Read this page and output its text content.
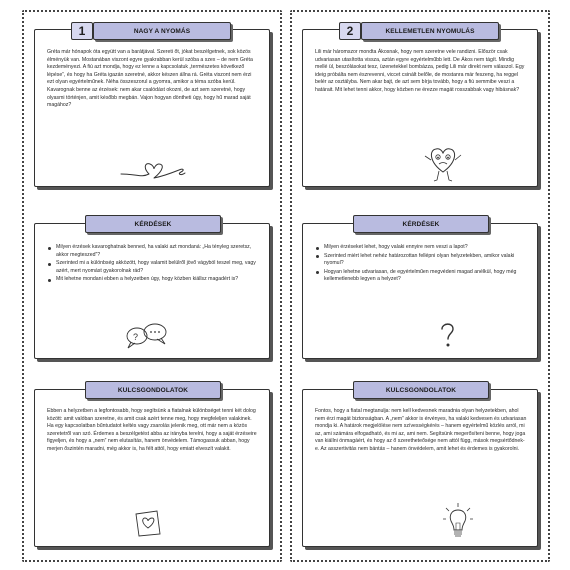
1	NAGY A NYOMÁS
Gréta már hónapok óta együtt van a barátjával. Szereti őt, jókat beszélgetnek, sok közös élményük van. Mostanában viszont egyre gyakrabban kerül szóba a szex – de nem Gréta kezdeményezi. A fiú azt mondja, hogy ez lenne a kapcsolatuk „természetes következő lépése”, és hogy ha Gréta igazán szeretné, akkor készen állna rá. Gréta viszont nem érzi ezt olyan egyértelműnek. Néha összeszorul a gyomra, amikor a téma szóba kerül. Kavarognak benne az érzések: nem akar csalódást okozni, de azt sem szeretné, hogy olyasmi történjen, amit később megbán. Vajon hogyan döntheti úgy, hogy hű marad saját magához?
KÉRDÉSEK
Milyen érzések kavaroghatnak benned, ha valaki azt mondaná: „Ha tényleg szeretsz, akkor megteszed”?
Szerinted mi a különbség akközött, hogy valamit belülről jövő vágyból teszel meg, vagy azért, mert nyomást gyakorolnak rád?
Mit lehetne mondani ebben a helyzetben úgy, hogy közben kiállsz magadért is?
?
KULCSGONDOLATOK
Ebben a helyzetben a legfontosabb, hogy segítsünk a fiatalnak különbséget tenni két dolog között: amit valóban szeretne, és amit csak azért tenne meg, hogy megfeleljen valakinek. Ha egy kapcsolatban bűntudatot keltés vagy zsarolás jelenik meg, ott már nem a közös szeretetről van szó. Érdemes a beszélgetést abba az irányba terelni, hogy a saját érzéseire figyeljen, és hogy a „nem” nem elutasítás, hanem önvédelem. Támogassuk abban, hogy merjen őszintén maradni, még akkor is, ha félt attól, hogy emiatt elveszít valakit.
2	KELLEMETLEN NYOMULÁS
Lili már háromszor mondta Ákosnak, hogy nem szeretne vele randizni. Először csak udvariasan utasította vissza, aztán egyre egyértelműbb lett. De Ákos nem tágít. Mindig mellé ül, beszólásokat tesz, üzenetekkel bombázza, pedig Lili már direkt nem válaszol. Egy ideig próbálta nem észrevenni, viccet csinált belőle, de mostanra már feszeng, ha reggel belér az osztályba. Nem akar bajt, de azt sem bírja tovább, hogy a fiú semmibe veszi a határait. Mit lehet tenni akkor, hogy közben ne érezze magát rosszabbak vagy hibásnak?
KÉRDÉSEK
Milyen érzéseket lehet, hogy valaki ennyire nem veszi a lapot?
Szerinted miért lehet nehéz határozottan fellépni olyan helyzetekben, amikor valaki nyomul?
Hogyan lehetne udvariasan, de egyértelműen megvédeni magad anélkül, hogy még kellemetlenebb legyen a helyzet?
KULCSGONDOLATOK
Fontos, hogy a fiatal megtanulja: nem kell kedvesnek maradnia olyan helyzetekben, ahol nem érzi magát biztonságban. A „nem” akkor is érvényes, ha valaki kedvesen és udvariasan mondja ki. A határok megjelölése nem szívességkérés – hanem egyértelmű közlés arról, mi az, ami számára elfogadható, és mi az, ami nem. Segítsünk megerősíteni benne, hogy joga van kiállni önmagáért, és hogy az ő szeretheteősége nem attól függ, mások megsértődnek-e. Az asszertivitás nem bántás – hanem önvédelem, amit lehet és érdemes is gyakorolni.
